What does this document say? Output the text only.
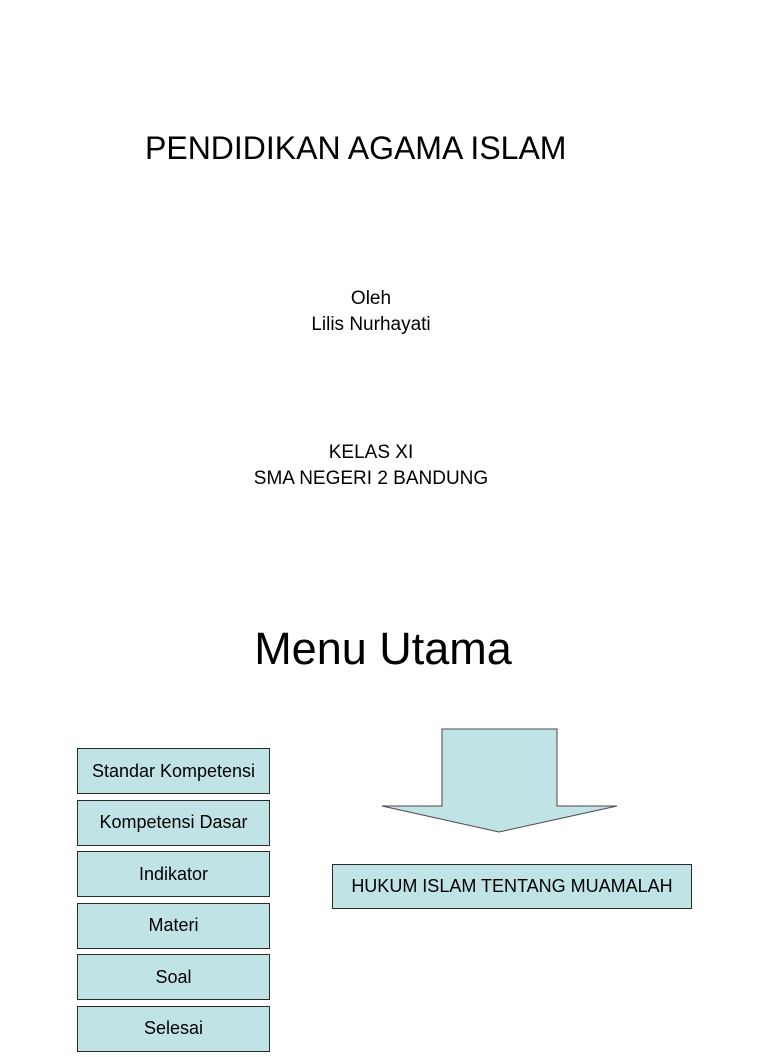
PENDIDIKAN AGAMA ISLAM
Oleh
Lilis Nurhayati
KELAS XI
SMA NEGERI 2 BANDUNG
Menu Utama
Standar Kompetensi
Kompetensi Dasar
Indikator
Materi
Soal
Selesai
HUKUM ISLAM TENTANG MUAMALAH
